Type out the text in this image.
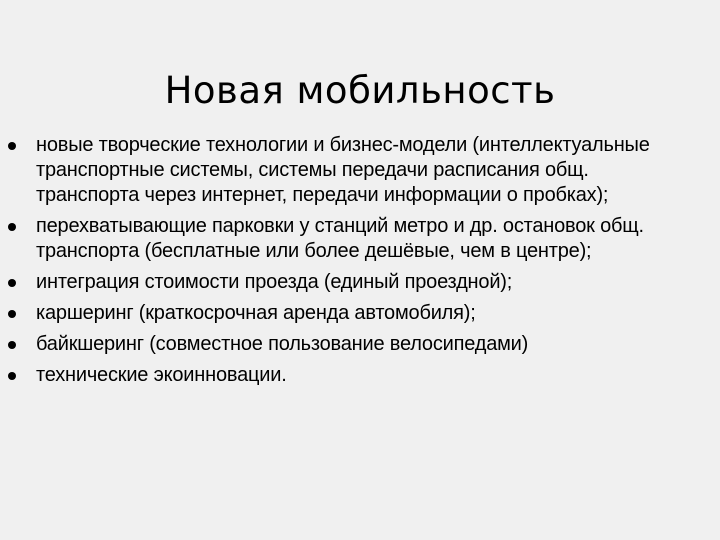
Новая мобильность
новые творческие технологии и бизнес-модели (интеллектуальные транспортные системы, системы передачи расписания общ. транспорта через интернет, передачи информации о пробках);
перехватывающие парковки у станций метро и др. остановок общ. транспорта (бесплатные или более дешёвые, чем в центре);
интеграция стоимости проезда (единый проездной);
каршеринг (краткосрочная аренда автомобиля);
байкшеринг (совместное пользование велосипедами)
технические экоинновации.
